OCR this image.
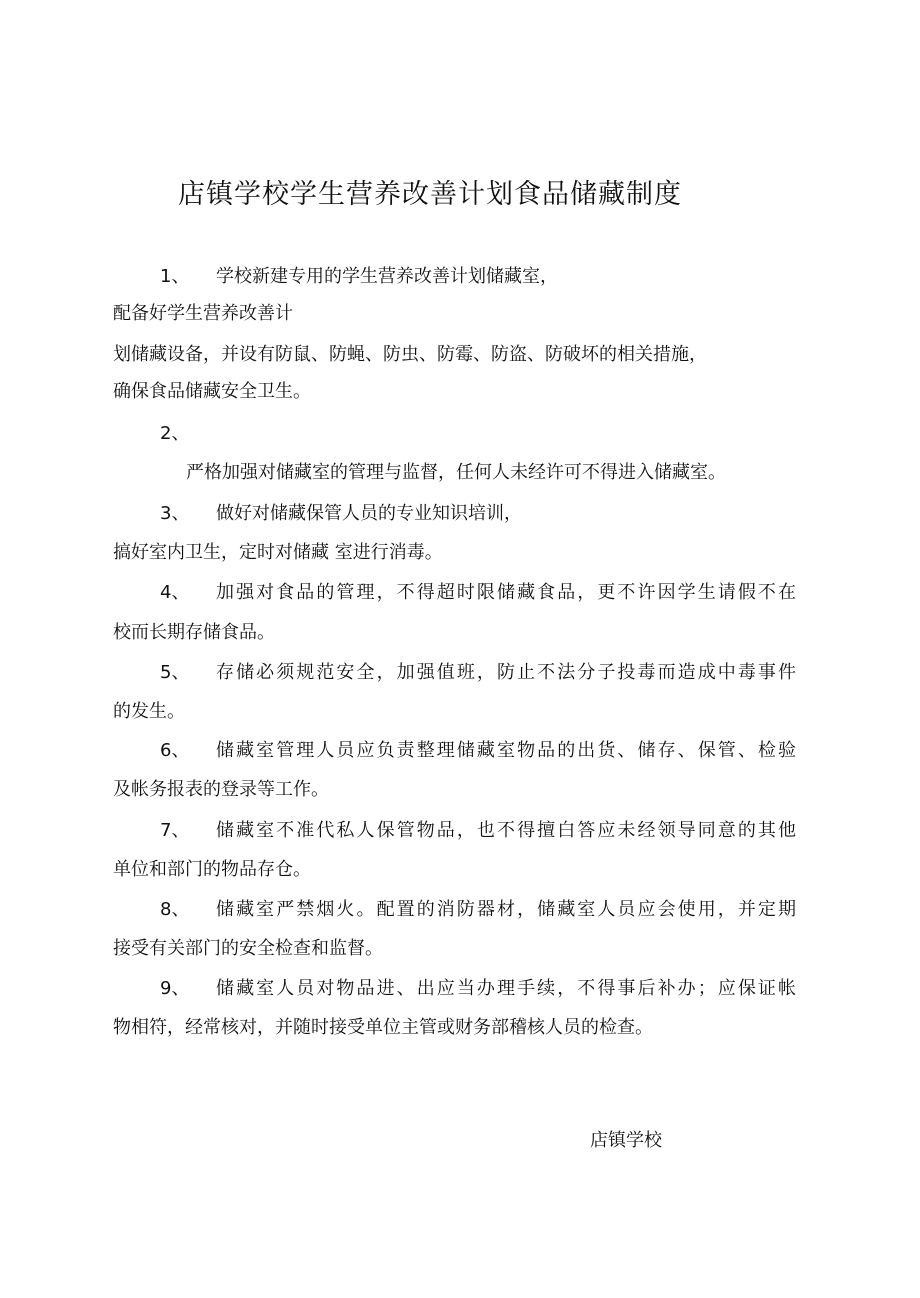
店镇学校学生营养改善计划食品储藏制度
1、 学校新建专用的学生营养改善计划储藏室，
配备好学生营养改善计
划储藏设备，并设有防鼠、防蝇、防虫、防霉、防盗、防破坏的相关措施，
确保食品储藏安全卫生。
2、
严格加强对储藏室的管理与监督，任何人未经许可不得进入储藏室。
3、 做好对储藏保管人员的专业知识培训，
搞好室内卫生，定时对储藏 室进行消毒。
4、 加强对食品的管理，不得超时限储藏食品，更不许因学生请假不在
校而长期存储食品。
5、 存储必须规范安全，加强值班，防止不法分子投毒而造成中毒事件
的发生。
6、 储藏室管理人员应负责整理储藏室物品的出货、储存、保管、检验
及帐务报表的登录等工作。
7、 储藏室不准代私人保管物品，也不得擅白答应未经领导同意的其他
单位和部门的物品存仓。
8、 储藏室严禁烟火。配置的消防器材，储藏室人员应会使用，并定期
接受有关部门的安全检查和监督。
9、 储藏室人员对物品进、出应当办理手续，不得事后补办；应保证帐
物相符，经常核对，并随时接受单位主管或财务部稽核人员的检查。
店镇学校
